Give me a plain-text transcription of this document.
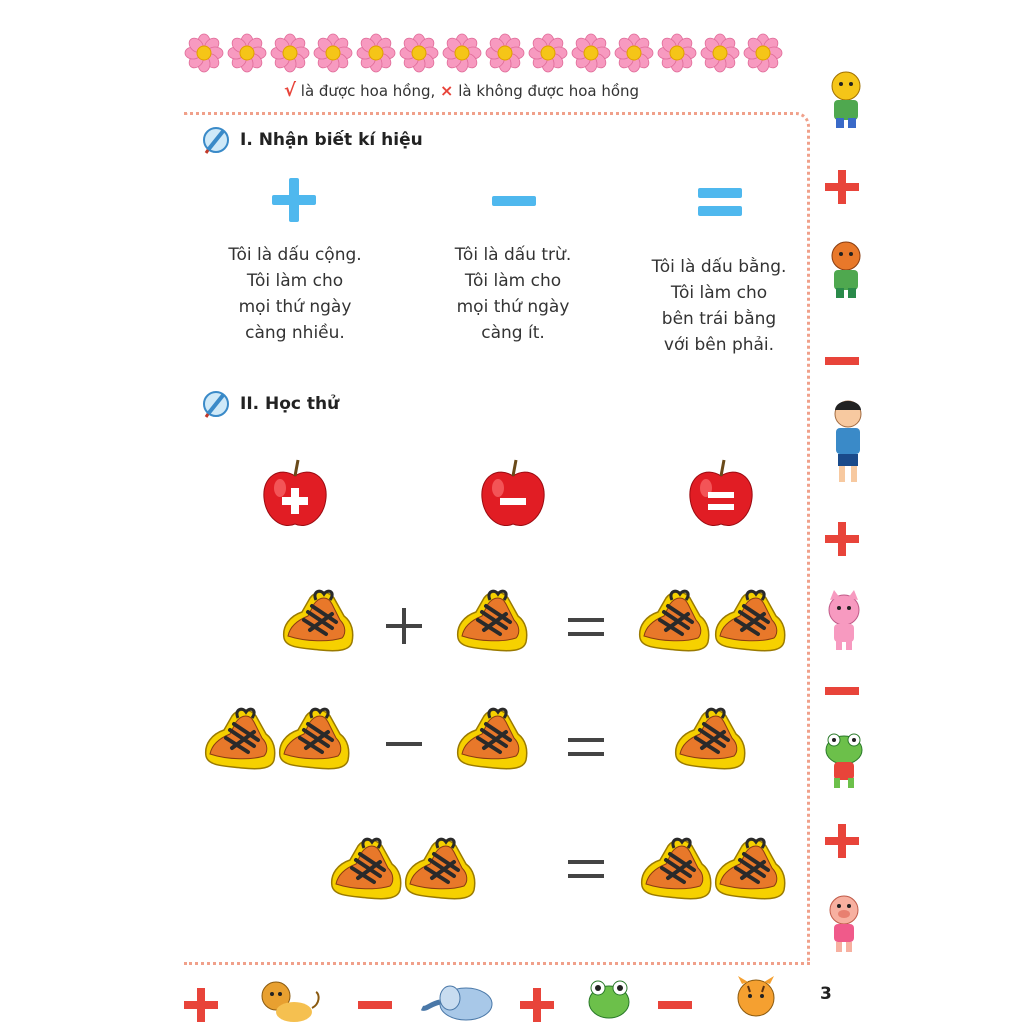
√ là được hoa hồng, × là không được hoa hồng
I. Nhận biết kí hiệu
Tôi là dấu cộng.
Tôi làm cho
mọi thứ ngày
càng nhiều.
Tôi là dấu trừ.
Tôi làm cho
mọi thứ ngày
càng ít.
Tôi là dấu bằng.
Tôi làm cho
bên trái bằng
với bên phải.
II. Học thử
3
